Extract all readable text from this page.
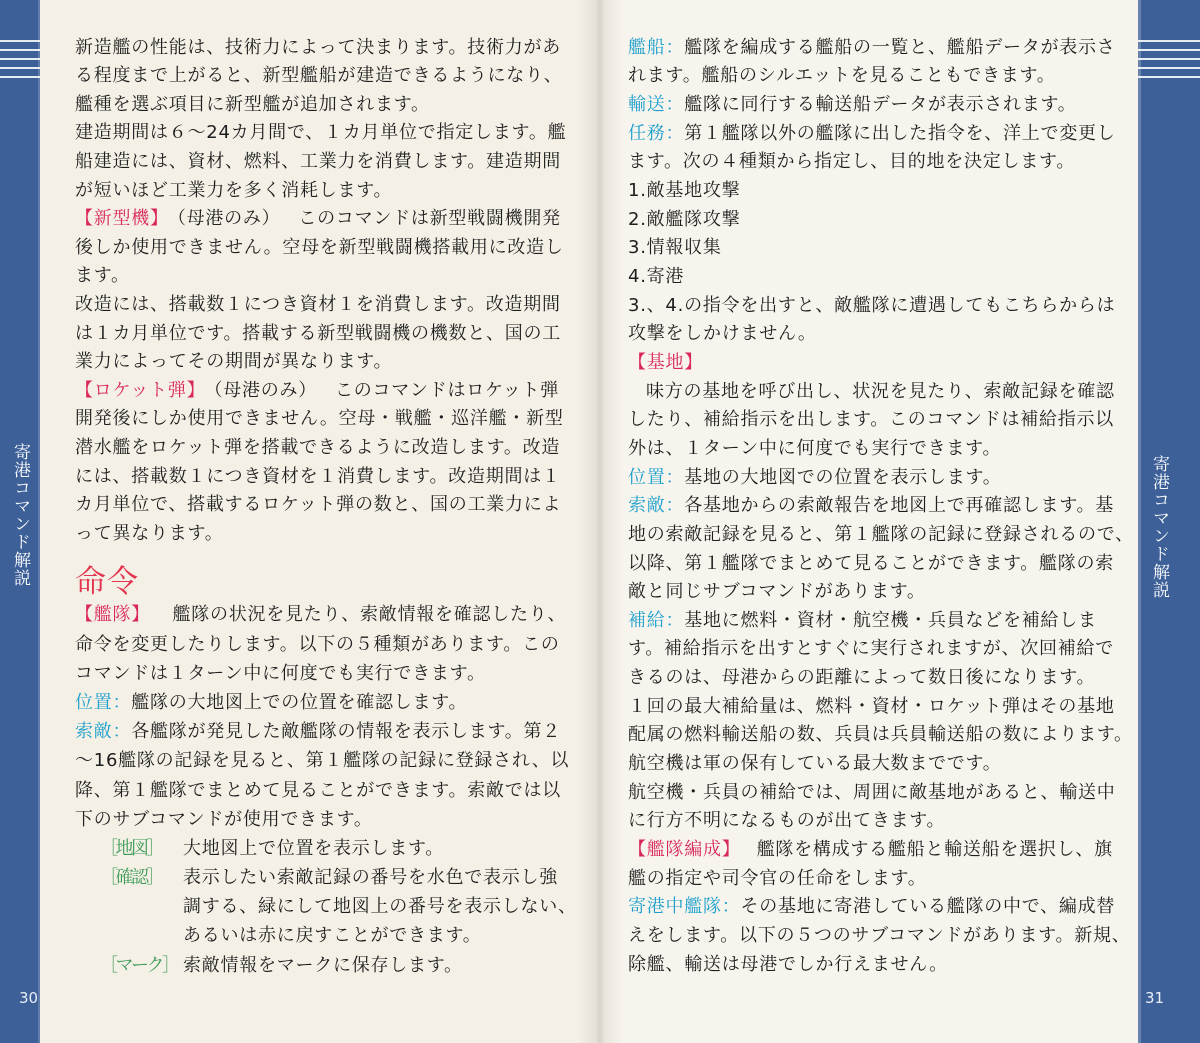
寄港コマンド解説	寄港コマンド解説
30	31
新造艦の性能は、技術力によって決まります。技術力があ
る程度まで上がると、新型艦船が建造できるようになり、
艦種を選ぶ項目に新型艦が追加されます。
建造期間は６～24カ月間で、１カ月単位で指定します。艦
船建造には、資材、燃料、工業力を消費します。建造期間
が短いほど工業力を多く消耗します。
【新型機】 （母港のみ） このコマンドは新型戦闘機開発
後しか使用できません。空母を新型戦闘機搭載用に改造し
ます。
改造には、搭載数１につき資材１を消費します。改造期間
は１カ月単位です。搭載する新型戦闘機の機数と、国の工
業力によってその期間が異なります。
【ロケット弾】 （母港のみ） このコマンドはロケット弾
開発後にしか使用できません。空母・戦艦・巡洋艦・新型
潜水艦をロケット弾を搭載できるように改造します。改造
には、搭載数１につき資材を１消費します。改造期間は１
カ月単位で、搭載するロケット弾の数と、国の工業力によ
って異なります。
命令
【艦隊】 艦隊の状況を見たり、索敵情報を確認したり、
命令を変更したりします。以下の５種類があります。この
コマンドは１ターン中に何度でも実行できます。
位置：艦隊の大地図上での位置を確認します。
索敵：各艦隊が発見した敵艦隊の情報を表示します。第２
～16艦隊の記録を見ると、第１艦隊の記録に登録され、以
降、第１艦隊でまとめて見ることができます。索敵では以
下のサブコマンドが使用できます。
［地図］ 大地図上で位置を表示します。
［確認］ 表示したい索敵記録の番号を水色で表示し強
調する、緑にして地図上の番号を表示しない、
あるいは赤に戻すことができます。
［マーク］ 索敵情報をマークに保存します。
艦船：艦隊を編成する艦船の一覧と、艦船データが表示さ
れます。艦船のシルエットを見ることもできます。
輸送：艦隊に同行する輸送船データが表示されます。
任務：第１艦隊以外の艦隊に出した指令を、洋上で変更し
ます。次の４種類から指定し、目的地を決定します。
1.敵基地攻撃
2.敵艦隊攻撃
3.情報収集
4.寄港
3.、4.の指令を出すと、敵艦隊に遭遇してもこちらからは
攻撃をしかけません。
【基地】
味方の基地を呼び出し、状況を見たり、索敵記録を確認
したり、補給指示を出します。このコマンドは補給指示以
外は、１ターン中に何度でも実行できます。
位置：基地の大地図での位置を表示します。
索敵：各基地からの索敵報告を地図上で再確認します。基
地の索敵記録を見ると、第１艦隊の記録に登録されるので、
以降、第１艦隊でまとめて見ることができます。艦隊の索
敵と同じサブコマンドがあります。
補給：基地に燃料・資材・航空機・兵員などを補給しま
す。補給指示を出すとすぐに実行されますが、次回補給で
きるのは、母港からの距離によって数日後になります。
１回の最大補給量は、燃料・資材・ロケット弾はその基地
配属の燃料輸送船の数、兵員は兵員輸送船の数によります。
航空機は軍の保有している最大数までです。
航空機・兵員の補給では、周囲に敵基地があると、輸送中
に行方不明になるものが出てきます。
【艦隊編成】 艦隊を構成する艦船と輸送船を選択し、旗
艦の指定や司令官の任命をします。
寄港中艦隊：その基地に寄港している艦隊の中で、編成替
えをします。以下の５つのサブコマンドがあります。新規、
除艦、輸送は母港でしか行えません。
